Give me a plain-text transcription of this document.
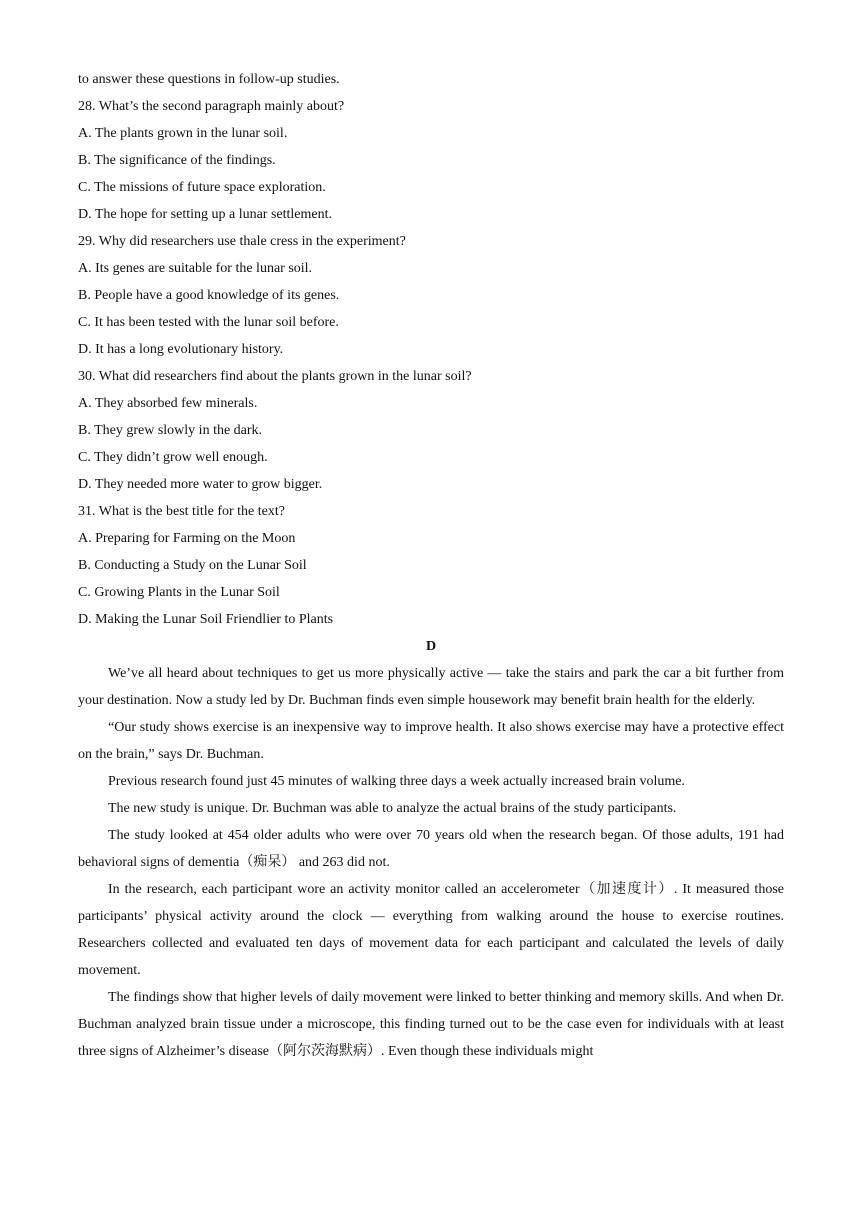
to answer these questions in follow-up studies.
28. What’s the second paragraph mainly about?
A. The plants grown in the lunar soil.
B. The significance of the findings.
C. The missions of future space exploration.
D. The hope for setting up a lunar settlement.
29. Why did researchers use thale cress in the experiment?
A. Its genes are suitable for the lunar soil.
B. People have a good knowledge of its genes.
C. It has been tested with the lunar soil before.
D. It has a long evolutionary history.
30. What did researchers find about the plants grown in the lunar soil?
A. They absorbed few minerals.
B. They grew slowly in the dark.
C. They didn’t grow well enough.
D. They needed more water to grow bigger.
31. What is the best title for the text?
A. Preparing for Farming on the Moon
B. Conducting a Study on the Lunar Soil
C. Growing Plants in the Lunar Soil
D. Making the Lunar Soil Friendlier to Plants
D
We’ve all heard about techniques to get us more physically active — take the stairs and park the car a bit further from your destination. Now a study led by Dr. Buchman finds even simple housework may benefit brain health for the elderly.
“Our study shows exercise is an inexpensive way to improve health. It also shows exercise may have a protective effect on the brain,” says Dr. Buchman.
Previous research found just 45 minutes of walking three days a week actually increased brain volume.
The new study is unique. Dr. Buchman was able to analyze the actual brains of the study participants.
The study looked at 454 older adults who were over 70 years old when the research began. Of those adults, 191 had behavioral signs of dementia（痴呆） and 263 did not.
In the research, each participant wore an activity monitor called an accelerometer（加速度计）. It measured those participants’ physical activity around the clock — everything from walking around the house to exercise routines. Researchers collected and evaluated ten days of movement data for each participant and calculated the levels of daily movement.
The findings show that higher levels of daily movement were linked to better thinking and memory skills. And when Dr. Buchman analyzed brain tissue under a microscope, this finding turned out to be the case even for individuals with at least three signs of Alzheimer’s disease（阿尔茨海默病）. Even though these individuals might
